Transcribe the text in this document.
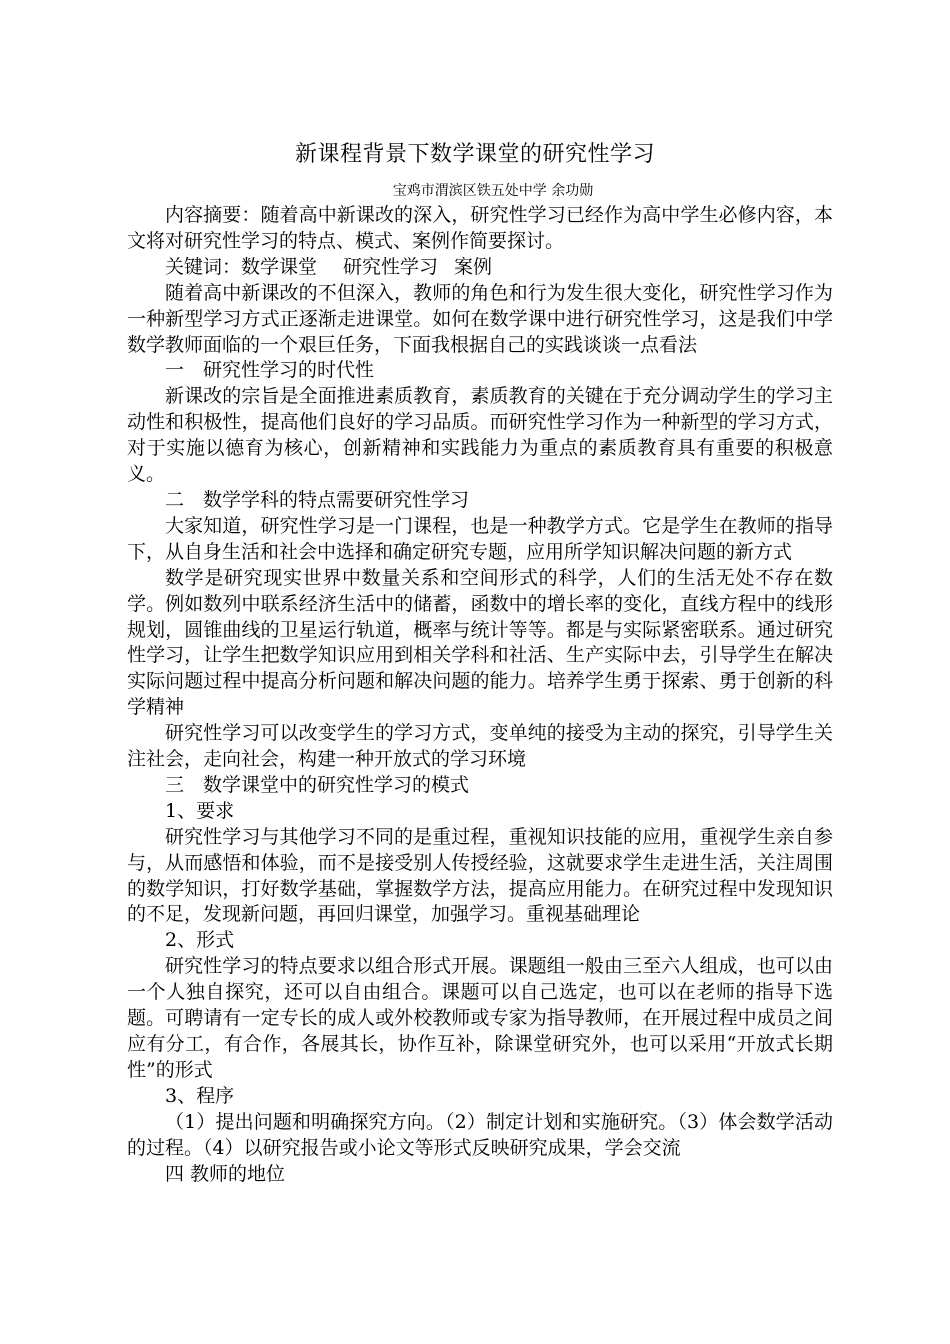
新课程背景下数学课堂的研究性学习
宝鸡市渭滨区铁五处中学 余功勋

内容摘要：随着高中新课改的深入，研究性学习已经作为高中学生必修内容，本文将对研究性学习的特点、模式、案例作简要探讨。

关键词：数学课堂 研究性学习 案例

随着高中新课改的不但深入，教师的角色和行为发生很大变化，研究性学习作为一种新型学习方式正逐渐走进课堂。如何在数学课中进行研究性学习，这是我们中学数学教师面临的一个艰巨任务，下面我根据自己的实践谈谈一点看法

一　研究性学习的时代性

新课改的宗旨是全面推进素质教育，素质教育的关键在于充分调动学生的学习主动性和积极性，提高他们良好的学习品质。而研究性学习作为一种新型的学习方式，对于实施以德育为核心，创新精神和实践能力为重点的素质教育具有重要的积极意义。

二　数学学科的特点需要研究性学习

大家知道，研究性学习是一门课程，也是一种教学方式。它是学生在教师的指导下，从自身生活和社会中选择和确定研究专题，应用所学知识解决问题的新方式

数学是研究现实世界中数量关系和空间形式的科学，人们的生活无处不存在数学。例如数列中联系经济生活中的储蓄，函数中的增长率的变化，直线方程中的线形规划，圆锥曲线的卫星运行轨道，概率与统计等等。都是与实际紧密联系。通过研究性学习，让学生把数学知识应用到相关学科和社活、生产实际中去，引导学生在解决实际问题过程中提高分析问题和解决问题的能力。培养学生勇于探索、勇于创新的科学精神

研究性学习可以改变学生的学习方式，变单纯的接受为主动的探究，引导学生关注社会，走向社会，构建一种开放式的学习环境

三　数学课堂中的研究性学习的模式

1、要求

研究性学习与其他学习不同的是重过程，重视知识技能的应用，重视学生亲自参与，从而感悟和体验，而不是接受别人传授经验，这就要求学生走进生活，关注周围的数学知识，打好数学基础，掌握数学方法，提高应用能力。在研究过程中发现知识的不足，发现新问题，再回归课堂，加强学习。重视基础理论

2、形式

研究性学习的特点要求以组合形式开展。课题组一般由三至六人组成，也可以由一个人独自探究，还可以自由组合。课题可以自己选定，也可以在老师的指导下选题。可聘请有一定专长的成人或外校教师或专家为指导教师，在开展过程中成员之间应有分工，有合作，各展其长，协作互补，除课堂研究外，也可以采用“开放式长期性”的形式

3、程序

（1）提出问题和明确探究方向。（2）制定计划和实施研究。（3）体会数学活动的过程。（4）以研究报告或小论文等形式反映研究成果，学会交流

四 教师的地位
